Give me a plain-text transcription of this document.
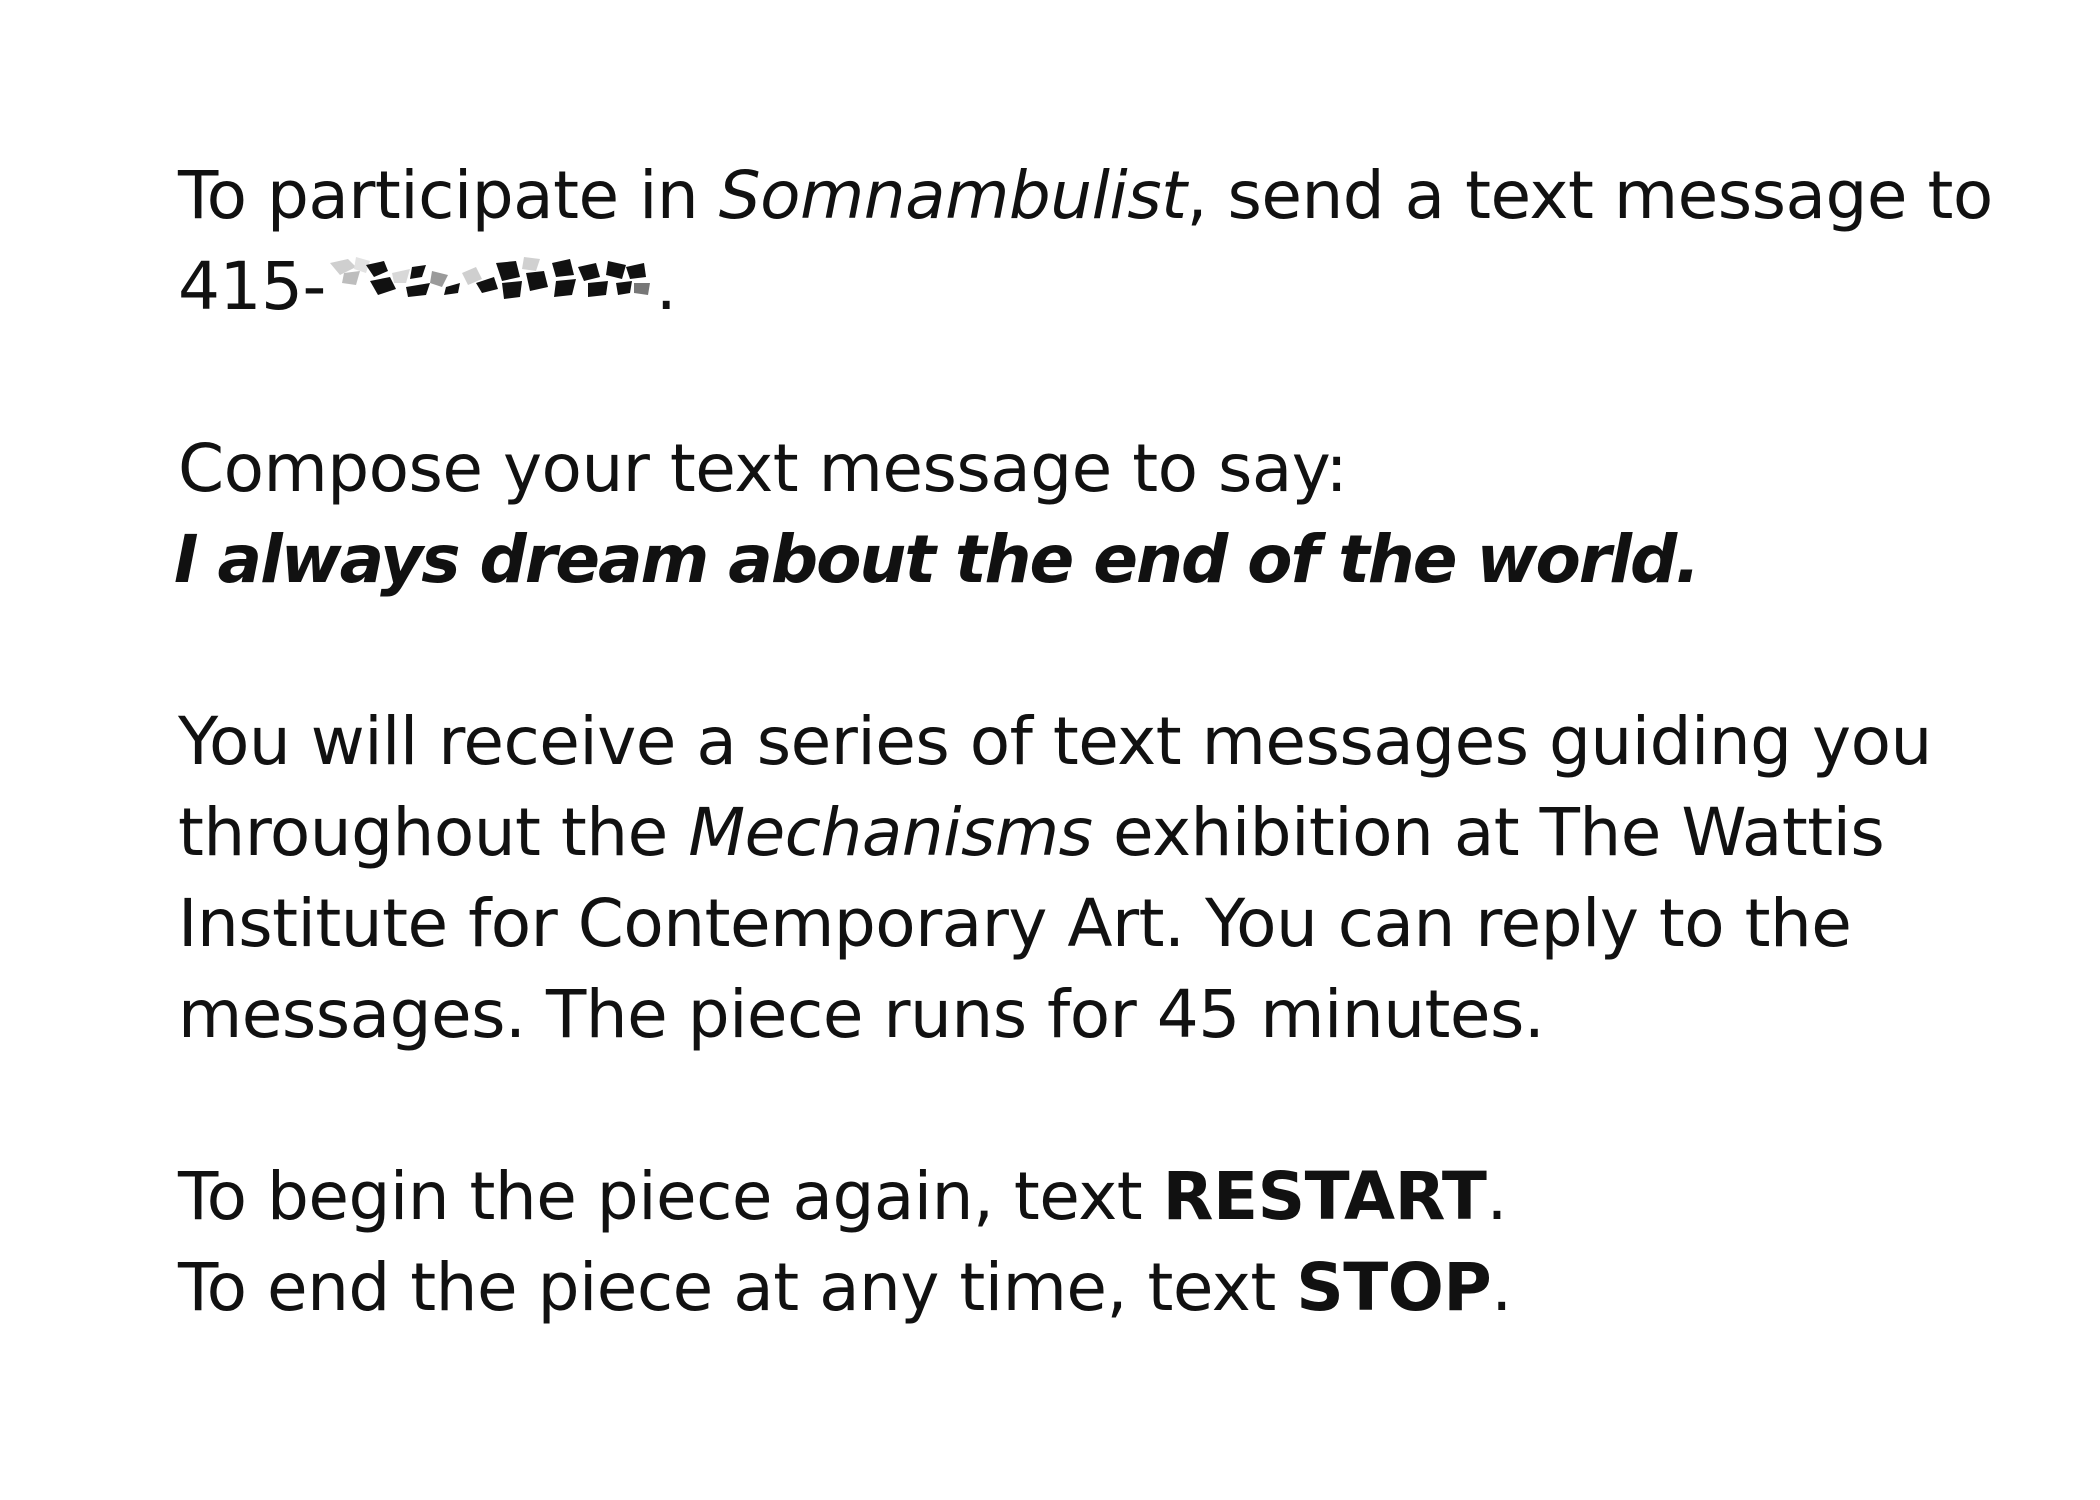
To participate in Somnambulist, send a text message to
415-	.
Compose your text message to say:
I always dream about the end of the world.
You will receive a series of text messages guiding you
throughout the Mechanisms exhibition at The Wattis
Institute for Contemporary Art. You can reply to the
messages. The piece runs for 45 minutes.
To begin the piece again, text RESTART.
To end the piece at any time, text STOP.
